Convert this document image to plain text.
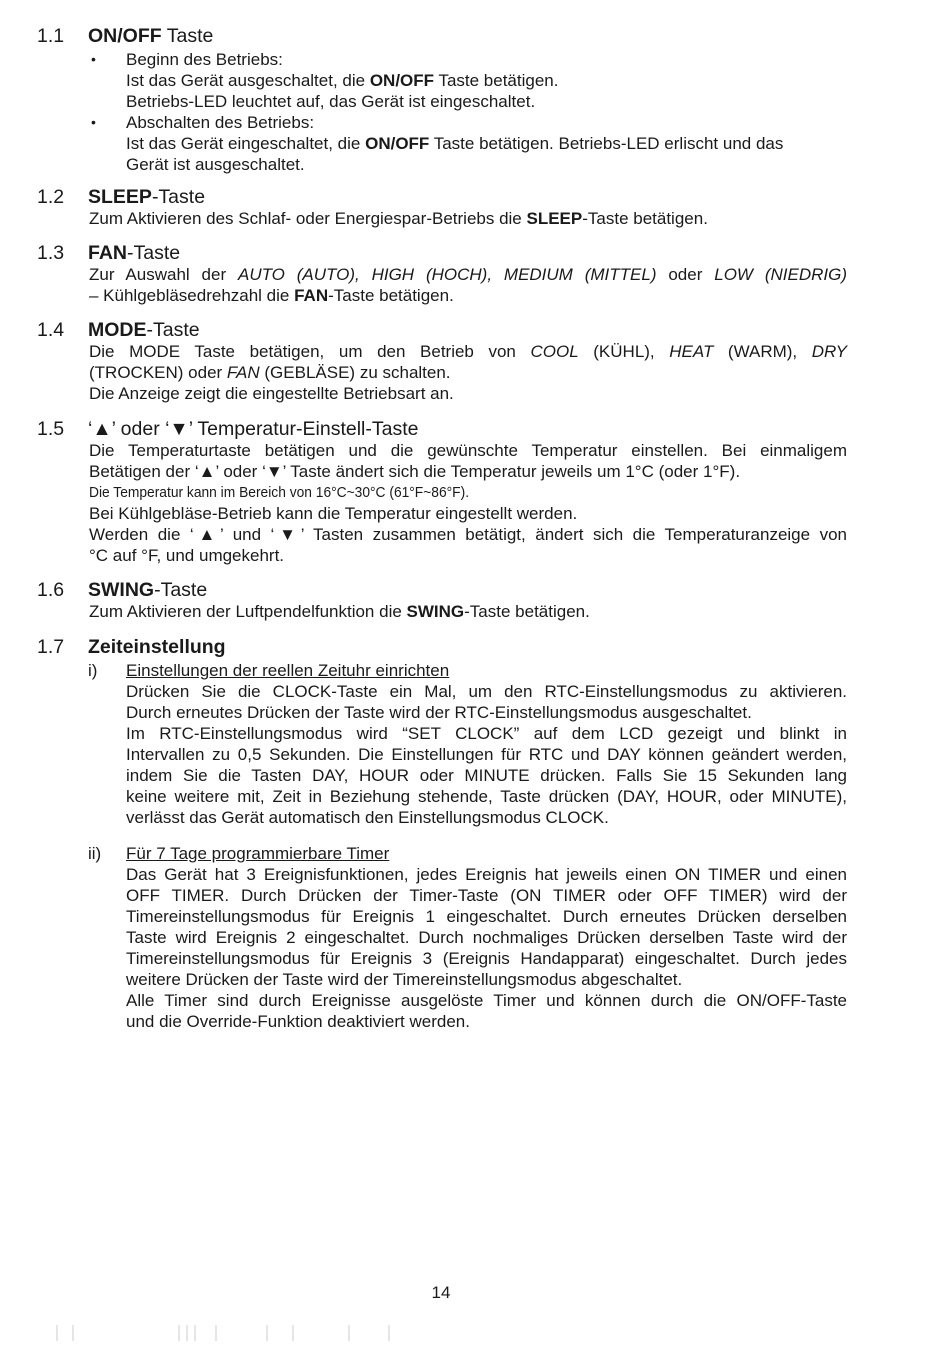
1.1 ON/OFF Taste
• Beginn des Betriebs:
Ist das Gerät ausgeschaltet, die ON/OFF Taste betätigen.
Betriebs-LED leuchtet auf, das Gerät ist eingeschaltet.
• Abschalten des Betriebs:
Ist das Gerät eingeschaltet, die ON/OFF Taste betätigen. Betriebs-LED erlischt und das
Gerät ist ausgeschaltet.
1.2 SLEEP-Taste
Zum Aktivieren des Schlaf- oder Energiespar-Betriebs die SLEEP-Taste betätigen.
1.3 FAN-Taste
Zur Auswahl der AUTO (AUTO), HIGH (HOCH), MEDIUM (MITTEL) oder LOW (NIEDRIG)
– Kühlgebläsedrehzahl die FAN-Taste betätigen.
1.4 MODE-Taste
Die MODE Taste betätigen, um den Betrieb von COOL (KÜHL), HEAT (WARM), DRY
(TROCKEN) oder FAN (GEBLÄSE) zu schalten.
Die Anzeige zeigt die eingestellte Betriebsart an.
1.5 ‘▲’ oder ‘▼’ Temperatur-Einstell-Taste
Die Temperaturtaste betätigen und die gewünschte Temperatur einstellen. Bei einmaligem
Betätigen der ‘▲’ oder ‘▼’ Taste ändert sich die Temperatur jeweils um 1°C (oder 1°F).
Die Temperatur kann im Bereich von 16°C~30°C (61°F~86°F).
Bei Kühlgebläse-Betrieb kann die Temperatur eingestellt werden.
Werden die ‘▲’ und ‘▼’ Tasten zusammen betätigt, ändert sich die Temperaturanzeige von
°C auf °F, und umgekehrt.
1.6 SWING-Taste
Zum Aktivieren der Luftpendelfunktion die SWING-Taste betätigen.
1.7 Zeiteinstellung
i) Einstellungen der reellen Zeituhr einrichten
Drücken Sie die CLOCK-Taste ein Mal, um den RTC-Einstellungsmodus zu aktivieren.
Durch erneutes Drücken der Taste wird der RTC-Einstellungsmodus ausgeschaltet.
Im RTC-Einstellungsmodus wird “SET CLOCK” auf dem LCD gezeigt und blinkt in
Intervallen zu 0,5 Sekunden. Die Einstellungen für RTC und DAY können geändert werden,
indem Sie die Tasten DAY, HOUR oder MINUTE drücken. Falls Sie 15 Sekunden lang
keine weitere mit, Zeit in Beziehung stehende, Taste drücken (DAY, HOUR, oder MINUTE),
verlässt das Gerät automatisch den Einstellungsmodus CLOCK.
ii) Für 7 Tage programmierbare Timer
Das Gerät hat 3 Ereignisfunktionen, jedes Ereignis hat jeweils einen ON TIMER und einen
OFF TIMER. Durch Drücken der Timer-Taste (ON TIMER oder OFF TIMER) wird der
Timereinstellungsmodus für Ereignis 1 eingeschaltet. Durch erneutes Drücken derselben
Taste wird Ereignis 2 eingeschaltet. Durch nochmaliges Drücken derselben Taste wird der
Timereinstellungsmodus für Ereignis 3 (Ereignis Handapparat) eingeschaltet. Durch jedes
weitere Drücken der Taste wird der Timereinstellungsmodus abgeschaltet.
Alle Timer sind durch Ereignisse ausgelöste Timer und können durch die ON/OFF-Taste
und die Override-Funktion deaktiviert werden.
14
